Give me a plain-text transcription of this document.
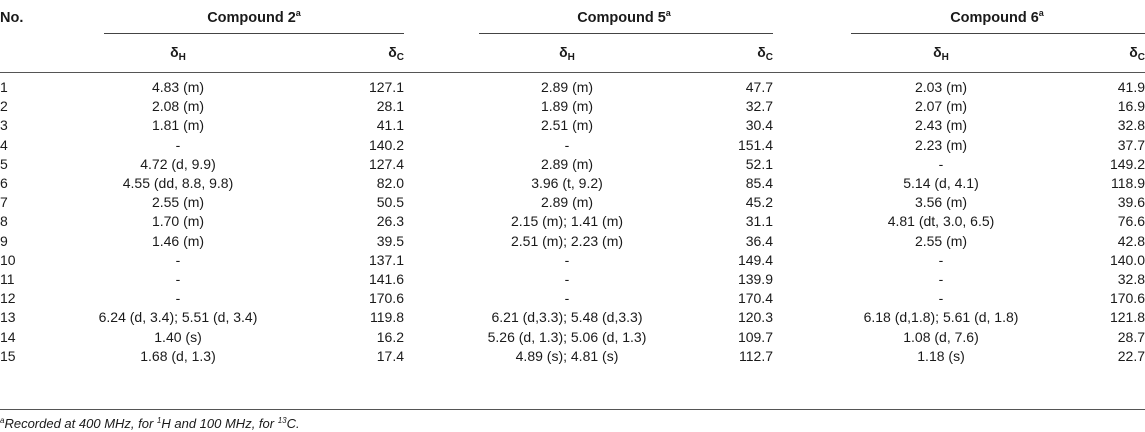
No.	Compound 2$^a$	Compound 5$^a$	Compound 6$^a$
$\delta_H$	$\delta_C$	$\delta_H$	$\delta_C$	$\delta_H$	$\delta_C$
1	4.83 (m)	127.1	2.89 (m)	47.7	2.03 (m)	41.9
2	2.08 (m)	28.1	1.89 (m)	32.7	2.07 (m)	16.9
3	1.81 (m)	41.1	2.51 (m)	30.4	2.43 (m)	32.8
4	-	140.2	-	151.4	2.23 (m)	37.7
5	4.72 (d, 9.9)	127.4	2.89 (m)	52.1	-	149.2
6	4.55 (dd, 8.8, 9.8)	82.0	3.96 (t, 9.2)	85.4	5.14 (d, 4.1)	118.9
7	2.55 (m)	50.5	2.89 (m)	45.2	3.56 (m)	39.6
8	1.70 (m)	26.3	2.15 (m); 1.41 (m)	31.1	4.81 (dt, 3.0, 6.5)	76.6
9	1.46 (m)	39.5	2.51 (m); 2.23 (m)	36.4	2.55 (m)	42.8
10	-	137.1	-	149.4	-	140.0
11	-	141.6	-	139.9	-	32.8
12	-	170.6	-	170.4	-	170.6
13	6.24 (d, 3.4); 5.51 (d, 3.4)	119.8	6.21 (d,3.3); 5.48 (d,3.3)	120.3	6.18 (d,1.8); 5.61 (d, 1.8)	121.8
14	1.40 (s)	16.2	5.26 (d, 1.3); 5.06 (d, 1.3)	109.7	1.08 (d, 7.6)	28.7
15	1.68 (d, 1.3)	17.4	4.89 (s); 4.81 (s)	112.7	1.18 (s)	22.7
$^a$Recorded at 400 MHz, for $^1$H and 100 MHz, for $^{13}$C.
